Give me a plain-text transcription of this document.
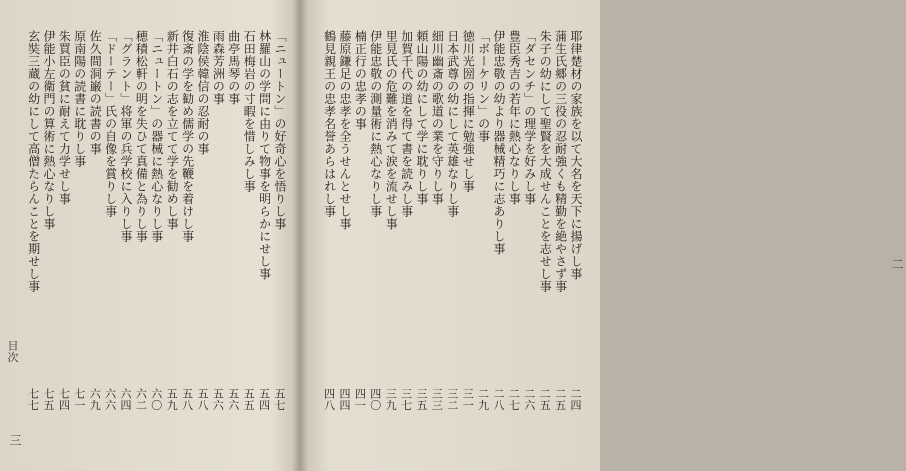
目次
三
「ニュートン」の好奇心を悟りし事
五七
林羅山の学問に由りて物事を明らかにせし事
五四
石田梅岩の寸暇を惜しみし事
五五
曲亭馬琴の事
五六
雨森芳洲の事
五六
淮陰侯韓信の忍耐の事
五八
復斎の学を勧め儒学の先鞭を着けし事
五八
新井白石の志を立てて学を勧めし事
五九
「ニュートン」の器械に熱心なりし事
六〇
穂積松軒の明を失ひて真備と為りし事
六二
「グラント」将軍の兵学校に入りし事
六四
「ドーテー」氏の自像を賞りし事
六六
佐久間洞巌の読書の事
六九
原南陽の読書に耽りし事
七一
朱買臣の貧に耐えて力学せし事
七四
伊能小左衛門の算術に熱心なりし事
七五
玄奘三蔵の幼にして高僧たらんことを期せし事
七七
二
耶律楚材の家族を以て大名を天下に揚げし事
二四
蒲生氏郷の三役の忍耐強くも精勤を絶やさず事
二五
朱子の幼にして聖賢を大成せんことを志せし事
二五
「ダセンチ」の理学を好みし事
二六
豊臣秀吉の若年に熱心なりし事
二七
伊能忠敬の幼より器械精巧に志ありし事
二八
「ボーケリン」の事
二九
徳川光圀の指揮に勉強せし事
三一
日本武尊の幼にして英雄なりし事
三二
細川幽斎の歌道の業を守りし事
三三
頼山陽の幼にして学に耽りし事
三五
加賀千代の道を得て書を読みし事
三七
里見氏の危難を消みて涙を流せし事
三九
伊能忠敬の測量術に熱心なりし事
四〇
楠正行の忠孝の事
四一
藤原鎌足の忠孝を全うせんとせし事
四四
鶴見親王の忠孝名誉あらはれし事
四八
